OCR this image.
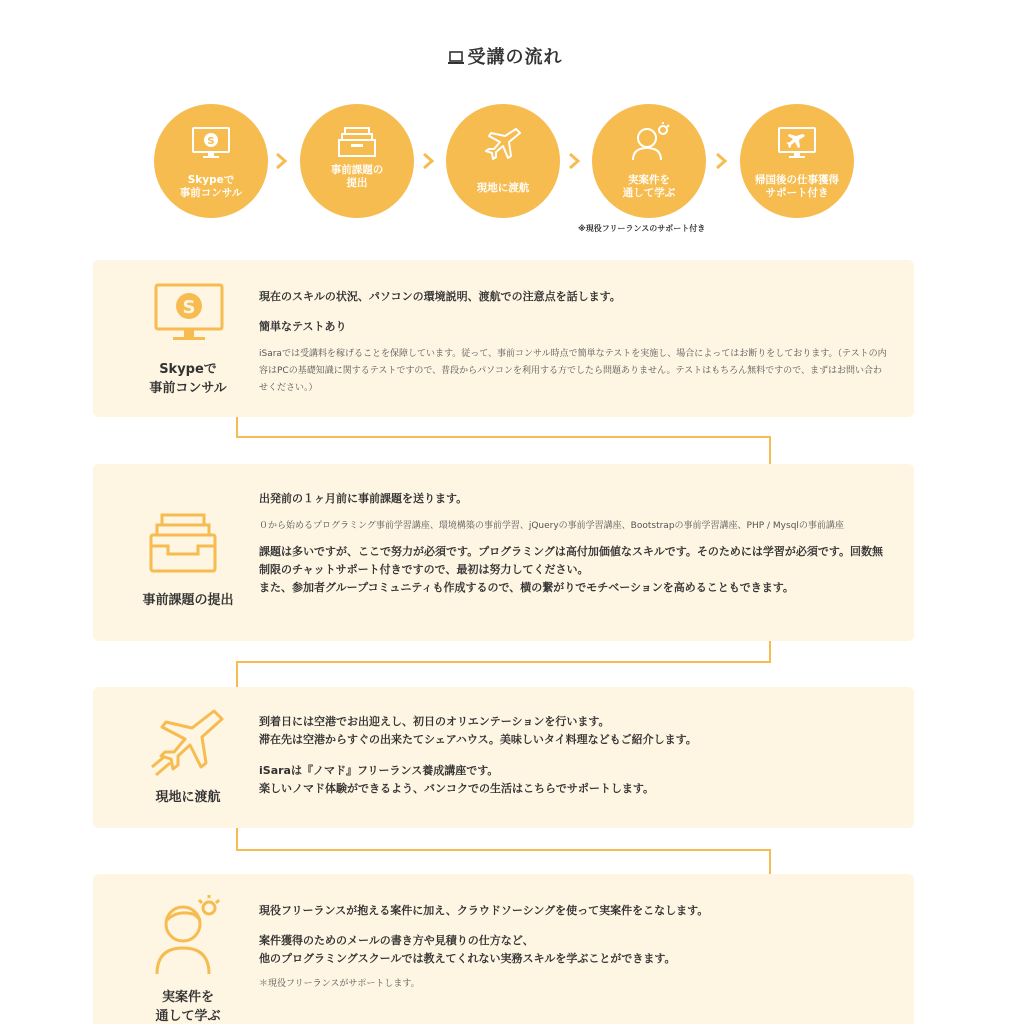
受講の流れ
S
Skypeで
事前コンサル
事前課題の
提出	現地に渡航
実案件を
通して学ぶ
帰国後の仕事獲得
サポート付き
※現役フリーランスのサポート付き
S
Skypeで
事前コンサル
現在のスキルの状況、パソコンの環境説明、渡航での注意点を話します。
簡単なテストあり
iSaraでは受講料を稼げることを保障しています。従って、事前コンサル時点で簡単なテストを実施し、場合によってはお断りをしております。（テストの内容はPCの基礎知識に関するテストですので、普段からパソコンを利用する方でしたら問題ありません。テストはもちろん無料ですので、まずはお問い合わせください。）
事前課題の提出
出発前の１ヶ月前に事前課題を送ります。
０から始めるプログラミング事前学習講座、環境構築の事前学習、jQueryの事前学習講座、Bootstrapの事前学習講座、PHP / Mysqlの事前講座
課題は多いですが、ここで努力が必須です。プログラミングは高付加価値なスキルです。そのためには学習が必須です。回数無制限のチャットサポート付きですので、最初は努力してください。
また、参加者グループコミュニティも作成するので、横の繋がりでモチベーションを高めることもできます。
現地に渡航
到着日には空港でお出迎えし、初日のオリエンテーションを行います。
滞在先は空港からすぐの出来たてシェアハウス。美味しいタイ料理などもご紹介します。
iSaraは『ノマド』フリーランス養成講座です。
楽しいノマド体験ができるよう、バンコクでの生活はこちらでサポートします。
実案件を
通して学ぶ
現役フリーランスが抱える案件に加え、クラウドソーシングを使って実案件をこなします。
案件獲得のためのメールの書き方や見積りの仕方など、
他のプログラミングスクールでは教えてくれない実務スキルを学ぶことができます。
＊現役フリーランスがサポートします。
